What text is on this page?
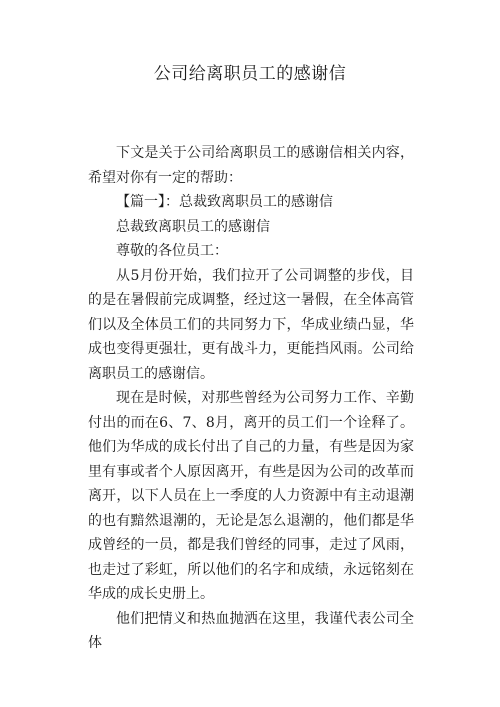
公司给离职员工的感谢信

下文是关于公司给离职员工的感谢信相关内容，希望对你有一定的帮助：

【篇一】：总裁致离职员工的感谢信

总裁致离职员工的感谢信

尊敬的各位员工：

从5月份开始，我们拉开了公司调整的步伐，目的是在暑假前完成调整，经过这一暑假，在全体高管们以及全体员工们的共同努力下，华成业绩凸显，华成也变得更强壮，更有战斗力，更能挡风雨。公司给离职员工的感谢信。

现在是时候，对那些曾经为公司努力工作、辛勤付出的而在6、7、8月，离开的员工们一个诠释了。他们为华成的成长付出了自己的力量，有些是因为家里有事或者个人原因离开，有些是因为公司的改革而离开，以下人员在上一季度的人力资源中有主动退潮的也有黯然退潮的，无论是怎么退潮的，他们都是华成曾经的一员，都是我们曾经的同事，走过了风雨，也走过了彩虹，所以他们的名字和成绩，永远铭刻在华成的成长史册上。

他们把情义和热血抛洒在这里，我谨代表公司全体
